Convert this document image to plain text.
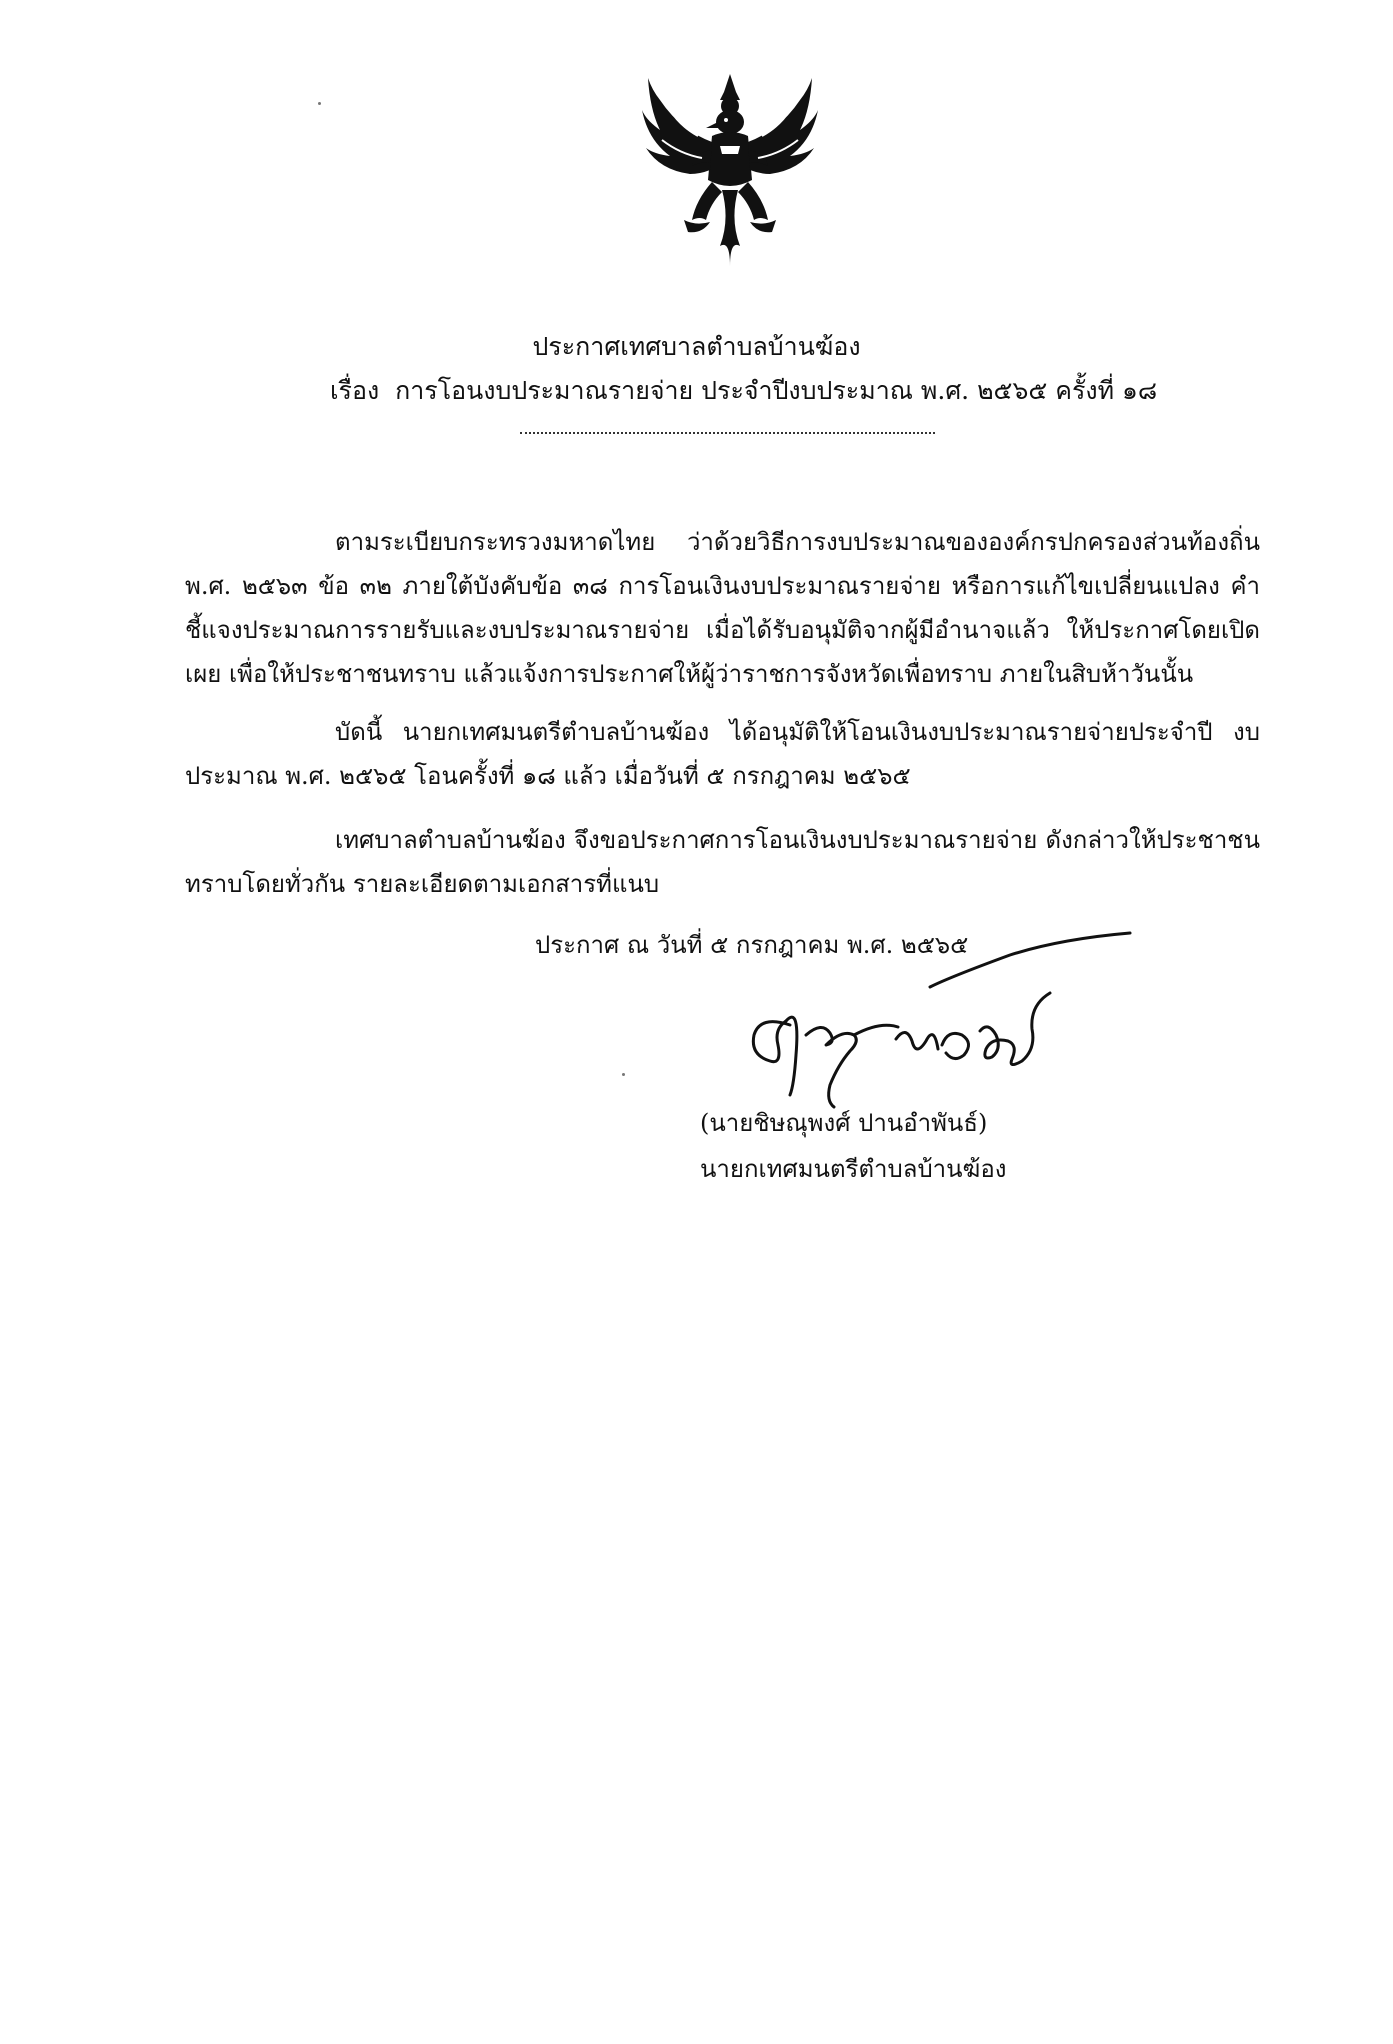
ประกาศเทศบาลตำบลบ้านฆ้อง
เรื่อง การโอนงบประมาณรายจ่าย ประจำปีงบประมาณ พ.ศ. ๒๕๖๕ ครั้งที่ ๑๘
ตามระเบียบกระทรวงมหาดไทย ว่าด้วยวิธีการงบประมาณขององค์กรปกครองส่วนท้องถิ่น พ.ศ. ๒๕๖๓ ข้อ ๓๒ ภายใต้บังคับข้อ ๓๘ การโอนเงินงบประมาณรายจ่าย หรือการแก้ไขเปลี่ยนแปลง คำชี้แจงประมาณการรายรับและงบประมาณรายจ่าย เมื่อได้รับอนุมัติจากผู้มีอำนาจแล้ว ให้ประกาศโดยเปิดเผย เพื่อให้ประชาชนทราบ แล้วแจ้งการประกาศให้ผู้ว่าราชการจังหวัดเพื่อทราบ ภายในสิบห้าวันนั้น
บัดนี้ นายกเทศมนตรีตำบลบ้านฆ้อง ได้อนุมัติให้โอนเงินงบประมาณรายจ่ายประจำปี งบประมาณ พ.ศ. ๒๕๖๕ โอนครั้งที่ ๑๘ แล้ว เมื่อวันที่ ๕ กรกฎาคม ๒๕๖๕
เทศบาลตำบลบ้านฆ้อง จึงขอประกาศการโอนเงินงบประมาณรายจ่าย ดังกล่าวให้ประชาชน ทราบโดยทั่วกัน รายละเอียดตามเอกสารที่แนบ
ประกาศ ณ วันที่ ๕ กรกฎาคม พ.ศ. ๒๕๖๕
(นายชิษณุพงศ์ ปานอำพันธ์)
นายกเทศมนตรีตำบลบ้านฆ้อง
